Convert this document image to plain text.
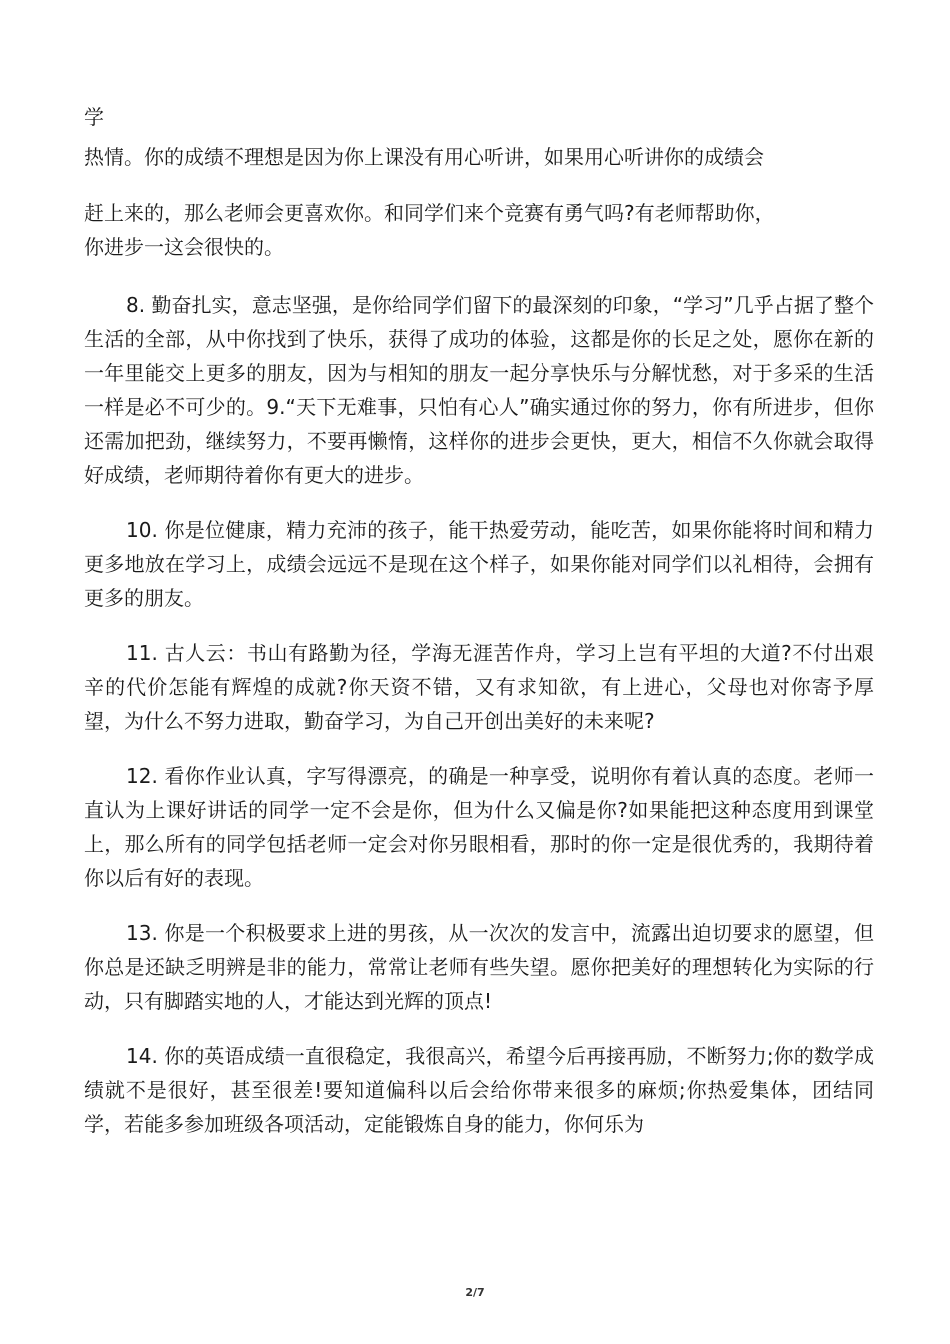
学
热情。你的成绩不理想是因为你上课没有用心听讲，如果用心听讲你的成绩会
赶上来的，那么老师会更喜欢你。和同学们来个竞赛有勇气吗?有老师帮助你，
你进步一这会很快的。

8. 勤奋扎实，意志坚强，是你给同学们留下的最深刻的印象，“学习”几乎占据了整个生活的全部，从中你找到了快乐，获得了成功的体验，这都是你的长足之处，愿你在新的一年里能交上更多的朋友，因为与相知的朋友一起分享快乐与分解忧愁，对于多采的生活一样是必不可少的。9.“天下无难事，只怕有心人”确实通过你的努力，你有所进步，但你还需加把劲，继续努力，不要再懒惰，这样你的进步会更快，更大，相信不久你就会取得好成绩，老师期待着你有更大的进步。

10. 你是位健康，精力充沛的孩子，能干热爱劳动，能吃苦，如果你能将时间和精力更多地放在学习上，成绩会远远不是现在这个样子，如果你能对同学们以礼相待，会拥有更多的朋友。

11. 古人云：书山有路勤为径，学海无涯苦作舟，学习上岂有平坦的大道?不付出艰辛的代价怎能有辉煌的成就?你天资不错，又有求知欲，有上进心，父母也对你寄予厚望，为什么不努力进取，勤奋学习，为自己开创出美好的未来呢?

12. 看你作业认真，字写得漂亮，的确是一种享受，说明你有着认真的态度。老师一直认为上课好讲话的同学一定不会是你，但为什么又偏是你?如果能把这种态度用到课堂上，那么所有的同学包括老师一定会对你另眼相看，那时的你一定是很优秀的，我期待着你以后有好的表现。

13. 你是一个积极要求上进的男孩，从一次次的发言中，流露出迫切要求的愿望，但你总是还缺乏明辨是非的能力，常常让老师有些失望。愿你把美好的理想转化为实际的行动，只有脚踏实地的人，才能达到光辉的顶点!

14. 你的英语成绩一直很稳定，我很高兴，希望今后再接再励，不断努力;你的数学成绩就不是很好，甚至很差!要知道偏科以后会给你带来很多的麻烦;你热爱集体，团结同学，若能多参加班级各项活动，定能锻炼自身的能力，你何乐为

2/7
